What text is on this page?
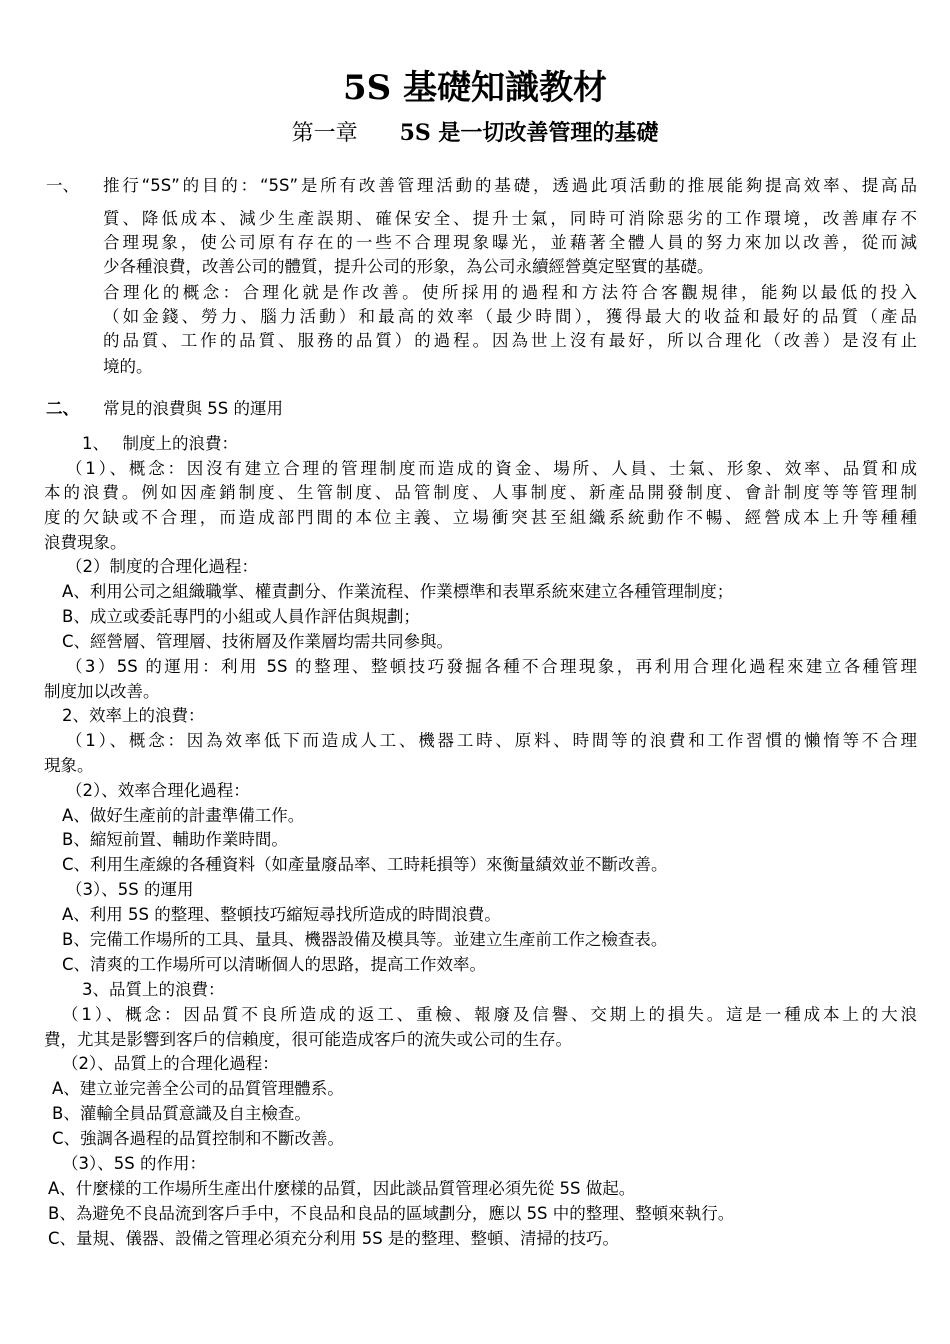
5S 基礎知識教材
第一章 5S 是一切改善管理的基礎
一、 推行“5S”的目的：“5S”是所有改善管理活動的基礎，透過此項活動的推展能夠提高效率、提高品
質、降低成本、減少生產誤期、確保安全、提升士氣，同時可消除惡劣的工作環境，改善庫存不
合理現象，使公司原有存在的一些不合理現象曝光，並藉著全體人員的努力來加以改善，從而減
少各種浪費，改善公司的體質，提升公司的形象，為公司永續經營奠定堅實的基礎。
合理化的概念：合理化就是作改善。使所採用的過程和方法符合客觀規律，能夠以最低的投入
（如金錢、勞力、腦力活動）和最高的效率（最少時間），獲得最大的收益和最好的品質（產品
的品質、工作的品質、服務的品質）的過程。因為世上沒有最好，所以合理化（改善）是沒有止
境的。
二、 常見的浪費與 5S 的運用
1、　 制度上的浪費：
（1）、概念：因沒有建立合理的管理制度而造成的資金、場所、人員、士氣、形象、效率、品質和成
本的浪費。例如因產銷制度、生管制度、品管制度、人事制度、新產品開發制度、會計制度等等管理制
度的欠缺或不合理，而造成部門間的本位主義、立場衝突甚至組織系統動作不暢、經營成本上升等種種
浪費現象。
（2）制度的合理化過程：
A、利用公司之組織職掌、權責劃分、作業流程、作業標準和表單系統來建立各種管理制度；
B、成立或委託專門的小組或人員作評估與規劃；
C、經營層、管理層、技術層及作業層均需共同參與。
（3）5S 的運用：利用 5S 的整理、整頓技巧發掘各種不合理現象，再利用合理化過程來建立各種管理
制度加以改善。
2、效率上的浪費：
（1）、概念：因為效率低下而造成人工、機器工時、原料、時間等的浪費和工作習慣的懶惰等不合理
現象。
（2）、效率合理化過程：
A、做好生產前的計畫準備工作。
B、縮短前置、輔助作業時間。
C、利用生產線的各種資料（如產量廢品率、工時耗損等）來衡量績效並不斷改善。
（3）、5S 的運用
A、利用 5S 的整理、整頓技巧縮短尋找所造成的時間浪費。
B、完備工作場所的工具、量具、機器設備及模具等。並建立生產前工作之檢查表。
C、清爽的工作場所可以清晰個人的思路，提高工作效率。
3、品質上的浪費：
（1）、概念：因品質不良所造成的返工、重檢、報廢及信譽、交期上的損失。這是一種成本上的大浪
費，尤其是影響到客戶的信賴度，很可能造成客戶的流失或公司的生存。
（2）、品質上的合理化過程：
A、建立並完善全公司的品質管理體系。
B、灌輸全員品質意識及自主檢查。
C、強調各過程的品質控制和不斷改善。
（3）、5S 的作用：
A、什麼樣的工作場所生產出什麼樣的品質，因此談品質管理必須先從 5S 做起。
B、為避免不良品流到客戶手中，不良品和良品的區域劃分，應以 5S 中的整理、整頓來執行。
C、量規、儀器、設備之管理必須充分利用 5S 是的整理、整頓、清掃的技巧。
